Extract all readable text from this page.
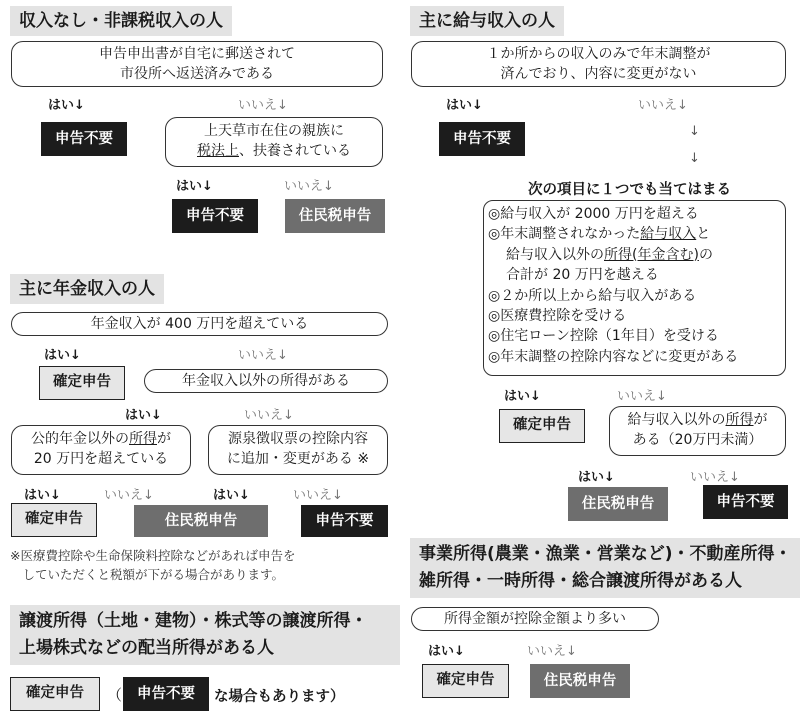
収入なし・非課税収入の人
申告申出書が自宅に郵送されて
市役所へ返送済みである
はい↓	いいえ↓
申告不要	上天草市在住の親族に
税法上、扶養されている
はい↓	いいえ↓
申告不要	住民税申告
主に年金収入の人
年金収入が 400 万円を超えている
はい↓	いいえ↓
確定申告	年金収入以外の所得がある
はい↓	いいえ↓
公的年金以外の所得が
20 万円を超えている
源泉徴収票の控除内容
に追加・変更がある ※
はい↓	いいえ↓	はい↓	いいえ↓
確定申告	住民税申告	申告不要
※医療費控除や生命保険料控除などがあれば申告を
　していただくと税額が下がる場合があります。
譲渡所得（土地・建物）・株式等の譲渡所得・
上場株式などの配当所得がある人
確定申告	（	申告不要	な場合もあります）
主に給与収入の人
１か所からの収入のみで年末調整が
済んでおり、内容に変更がない
はい↓	いいえ↓
申告不要	↓
↓
次の項目に１つでも当てはまる
◎給与収入が 2000 万円を超える
◎年末調整されなかった給与収入と
給与収入以外の所得(年金含む)の
合計が 20 万円を越える
◎２か所以上から給与収入がある
◎医療費控除を受ける
◎住宅ローン控除（1年目）を受ける
◎年末調整の控除内容などに変更がある
はい↓	いいえ↓
確定申告	給与収入以外の所得が
ある（20万円未満）
はい↓	いいえ↓
住民税申告	申告不要
事業所得(農業・漁業・営業など)・不動産所得・
雑所得・一時所得・総合譲渡所得がある人
所得金額が控除金額より多い
はい↓	いいえ↓
確定申告	住民税申告
